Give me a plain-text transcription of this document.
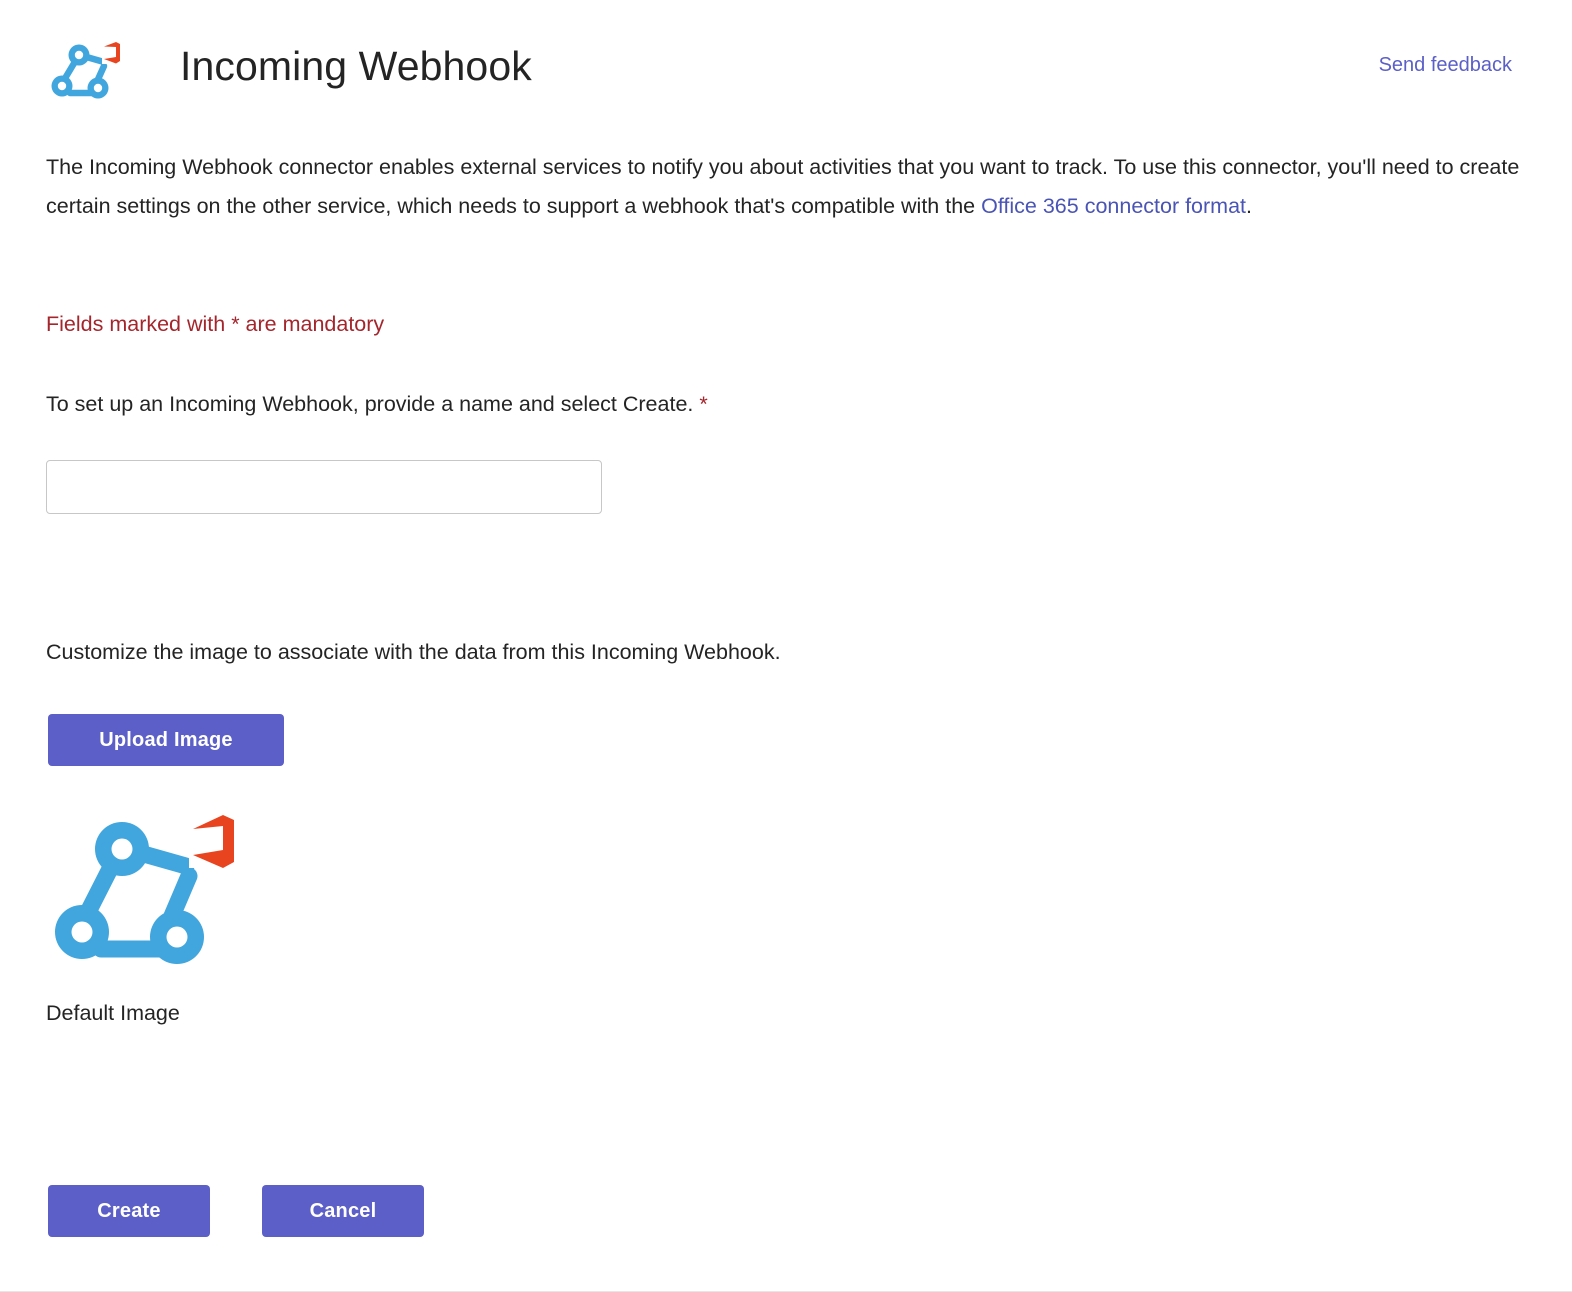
Incoming Webhook	Send feedback
The Incoming Webhook connector enables external services to notify you about activities that you want to track. To use this connector, you'll need to create certain settings on the other service, which needs to support a webhook that's compatible with the Office 365 connector format.
Fields marked with * are mandatory
To set up an Incoming Webhook, provide a name and select Create. *
Customize the image to associate with the data from this Incoming Webhook.
Upload Image
Default Image
Create	Cancel
